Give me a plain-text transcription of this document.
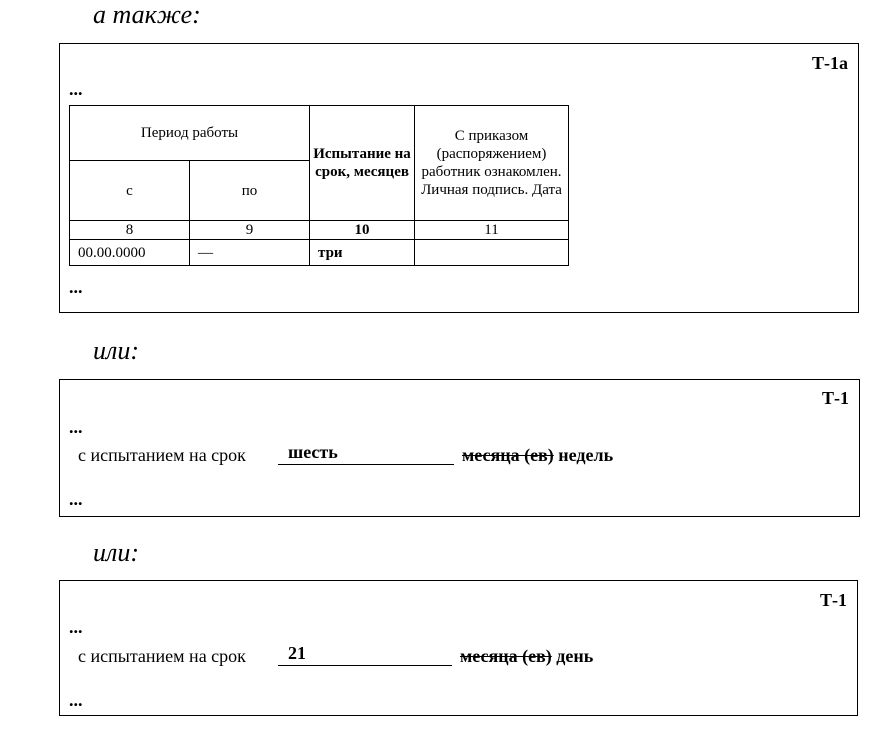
а также:
Т-1а
...
Период работы		Испытание на срок, месяцев	С приказом (распоряжением) работник ознакомлен. Личная подпись. Дата
с	по		
8	9	10	11
00.00.0000	—	три	
...
или:
Т-1
...
с испытанием на срок	шесть	месяца (ев) недель
...
или:
Т-1
...
с испытанием на срок	21	месяца (ев) день
...
